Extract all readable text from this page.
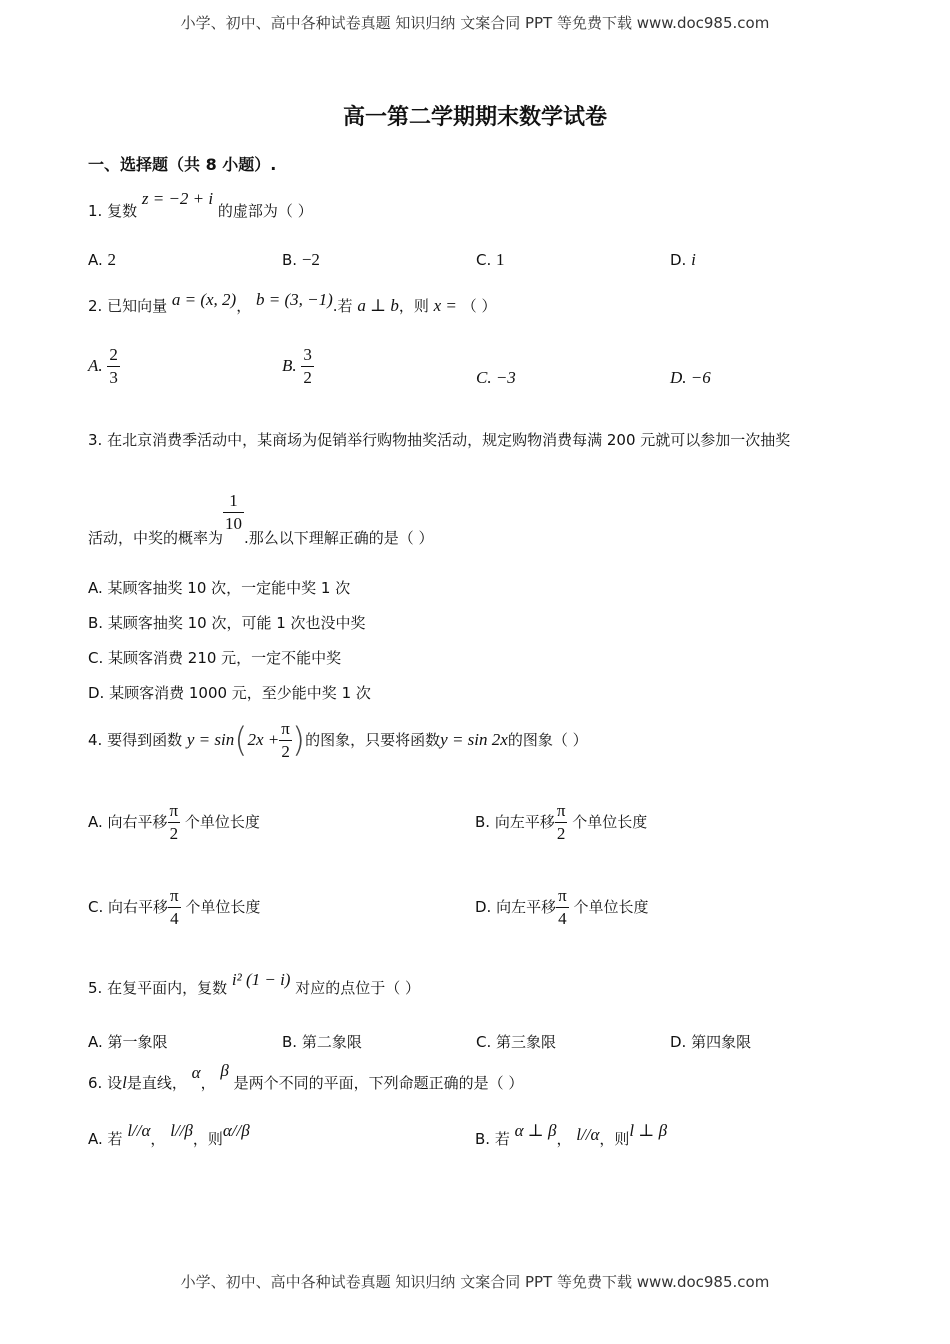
小学、初中、高中各种试卷真题 知识归纳 文案合同 PPT 等免费下载 www.doc985.com
高一第二学期期末数学试卷
一、选择题（共 8 小题）.
1. 复数 z = −2 + i 的虚部为（ ）
A. 2	B. −2	C. 1	D. i
2. 已知向量 a = (x, 2)， b = (3, −1).若 a ⊥ b，则 x = （ ）
A. $\frac{2}{3}$	B. $\frac{3}{2}$	C. −3	D. −6
3. 在北京消费季活动中，某商场为促销举行购物抽奖活动，规定购物消费每满 200 元就可以参加一次抽奖
活动，中奖的概率为
$\frac{1}{10}$
.那么以下理解正确的是（ ）
A. 某顾客抽奖 10 次，一定能中奖 1 次
B. 某顾客抽奖 10 次，可能 1 次也没中奖
C. 某顾客消费 210 元，一定不能中奖
D. 某顾客消费 1000 元，至少能中奖 1 次
4. 要得到函数 $y = \sin(2x + \frac{\pi}{2}$ )的图象，只要将函数y = sin 2x的图象（ ）
A. 向右平移 $\frac{\pi}{2}$ 个单位长度	B. 向左平移 $\frac{\pi}{2}$ 个单位长度
C. 向右平移 $\frac{\pi}{4}$ 个单位长度	D. 向左平移 $\frac{\pi}{4}$ 个单位长度
5. 在复平面内，复数 i² (1 − i) 对应的点位于（ ）
A. 第一象限	B. 第二象限	C. 第三象限	D. 第四象限
6. 设l是直线， α， β 是两个不同的平面，下列命题正确的是（ ）
A. 若 l//α， l//β，则α//β	B. 若 α ⊥ β， l//α，则l ⊥ β
小学、初中、高中各种试卷真题 知识归纳 文案合同 PPT 等免费下载 www.doc985.com
